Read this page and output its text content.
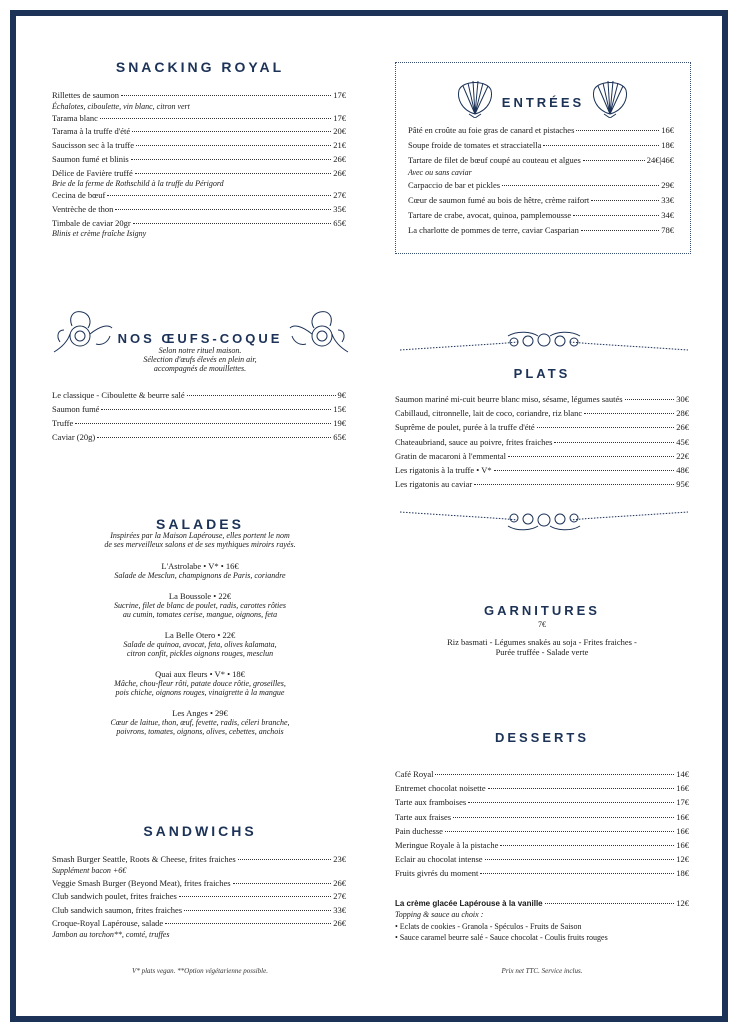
SNACKING ROYAL
ENTRÉES
NOS ŒUFS-COQUE
Selon notre rituel maison.
Sélection d'œufs élevés en plein air,
accompagnés de mouillettes.	PLATS
SALADES
Inspirées par la Maison Lapérouse, elles portent le nom
de ses merveilleux salons et de ses mythiques miroirs rayés.
GARNITURES
7€
Riz basmati - Légumes snakés au soja - Frites fraiches -
Purée truffée - Salade verte
DESSERTS
La crème glacée Lapérouse à la vanille	12€
Topping & sauce au choix :
• Eclats de cookies - Granola - Spéculos - Fruits de Saison
• Sauce caramel beurre salé - Sauce chocolat - Coulis fruits rouges
SANDWICHS
V* plats vegan. **Option végétarienne possible.	Prix net TTC. Service inclus.
Rillettes de saumon	17€
Échalotes, ciboulette, vin blanc, citron vert
Tarama blanc	17€
Tarama à la truffe d'été	20€
Saucisson sec à la truffe	21€
Saumon fumé et blinis	26€
Délice de Favière truffé	26€
Brie de la ferme de Rothschild à la truffe du Périgord
Cecina de bœuf	27€
Ventrèche de thon	35€
Timbale de caviar 20gr	65€
Blinis et crème fraîche Isigny
Pâté en croûte au foie gras de canard et pistaches	16€
Soupe froide de tomates et stracciatella	18€
Tartare de filet de bœuf coupé au couteau et algues	24€|46€
Avec ou sans caviar
Carpaccio de bar et pickles	29€
Cœur de saumon fumé au bois de hêtre, crème raifort	33€
Tartare de crabe, avocat, quinoa, pamplemousse	34€
La charlotte de pommes de terre, caviar Casparian	78€
Le classique - Ciboulette & beurre salé	9€
Saumon fumé	15€
Truffe	19€
Caviar (20g)	65€
Saumon mariné mi-cuit beurre blanc miso, sésame, légumes sautés	30€
Cabillaud, citronnelle, lait de coco, coriandre, riz blanc	28€
Suprême de poulet, purée à la truffe d'été	26€
Chateaubriand, sauce au poivre, frites fraiches	45€
Gratin de macaroni à l'emmental	22€
Les rigatonis à la truffe • V*	48€
Les rigatonis au caviar	95€
Café Royal	14€
Entremet chocolat noisette	16€
Tarte aux framboises	17€
Tarte aux fraises	16€
Pain duchesse	16€
Meringue Royale à la pistache	16€
Eclair au chocolat intense	12€
Fruits givrés du moment	18€
Smash Burger Seattle, Roots & Cheese, frites fraiches	23€
Supplément bacon +6€
Veggie Smash Burger (Beyond Meat), frites fraiches	26€
Club sandwich poulet, frites fraiches	27€
Club sandwich saumon, frites fraiches	33€
Croque-Royal Lapérouse, salade	26€
Jambon au torchon**, comté, truffes
L'Astrolabe • V* • 16€
Salade de Mesclun, champignons de Paris, coriandre
La Boussole • 22€
Sucrine, filet de blanc de poulet, radis, carottes rôties
au cumin, tomates cerise, mangue, oignons, feta
La Belle Otero • 22€
Salade de quinoa, avocat, feta, olives kalamata,
citron confit, pickles oignons rouges, mesclun
Quai aux fleurs • V* • 18€
Mâche, chou-fleur rôti, patate douce rôtie, groseilles,
pois chiche, oignons rouges, vinaigrette à la mangue
Les Anges • 29€
Cœur de laitue, thon, œuf, fevette, radis, céleri branche,
poivrons, tomates, oignons, olives, cebettes, anchois
